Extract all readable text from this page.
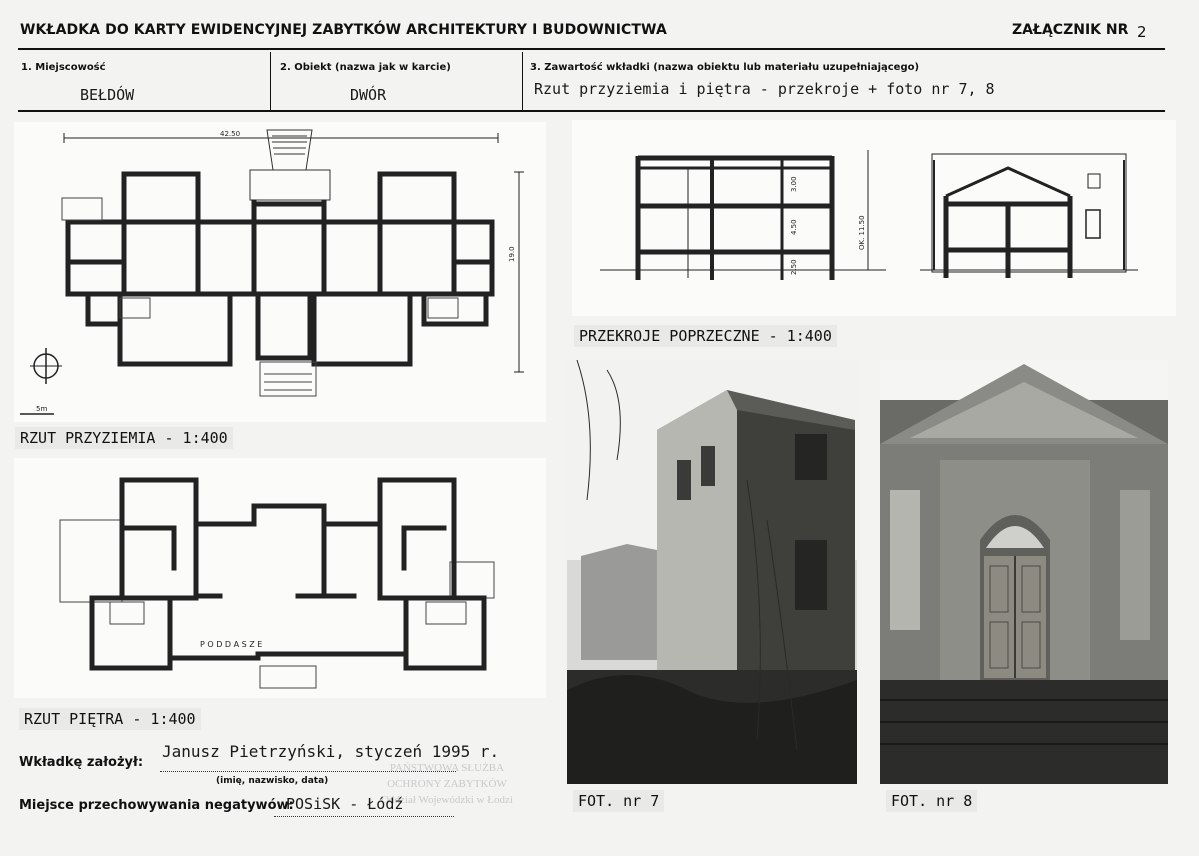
WKŁADKA DO KARTY EWIDENCYJNEJ ZABYTKÓW ARCHITEKTURY I BUDOWNICTWA	ZAŁĄCZNIK NR 2
1. Miejscowość
BEŁDÓW
2. Obiekt (nazwa jak w karcie)
DWÓR
3. Zawartość wkładki (nazwa obiektu lub materiału uzupełniającego)
Rzut przyziemia i piętra - przekroje + foto nr 7, 8
42.50
19.0
5m
RZUT PRZYZIEMIA - 1:400
P O D D A S Z E
RZUT PIĘTRA - 1:400
3.00
4.50
2.50
OK. 11.50
PRZEKROJE POPRZECZNE - 1:400
FOT. nr 7	FOT. nr 8
Wkładkę założył:
Janusz Pietrzyński, styczeń 1995 r.
(imię, nazwisko, data)
PAŃSTWOWA SŁUŻBA
OCHRONY ZABYTKÓW
Oddział Wojewódzki w Łodzi
Miejsce przechowywania negatywów:
POSiSK - Łódź
